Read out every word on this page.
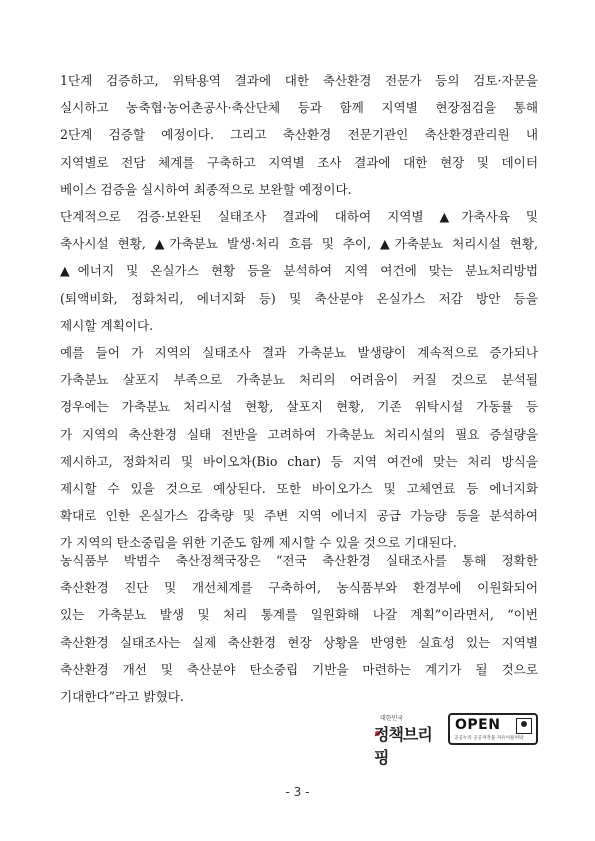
1단계 검증하고, 위탁용역 결과에 대한 축산환경 전문가 등의 검토·자문을
실시하고 농축협·농어촌공사·축산단체 등과 함께 지역별 현장점검을 통해
2단계 검증할 예정이다. 그리고 축산환경 전문기관인 축산환경관리원 내
지역별로 전담 체계를 구축하고 지역별 조사 결과에 대한 현장 및 데이터
베이스 검증을 실시하여 최종적으로 보완할 예정이다.
단계적으로 검증·보완된 실태조사 결과에 대하여 지역별 ▲가축사육 및
축사시설 현황, ▲가축분뇨 발생·처리 흐름 및 추이, ▲가축분뇨 처리시설 현황,
▲에너지 및 온실가스 현황 등을 분석하여 지역 여건에 맞는 분뇨처리방법
(퇴액비화, 정화처리, 에너지화 등) 및 축산분야 온실가스 저감 방안 등을
제시할 계획이다.
예를 들어 가 지역의 실태조사 결과 가축분뇨 발생량이 계속적으로 증가되나
가축분뇨 살포지 부족으로 가축분뇨 처리의 어려움이 커질 것으로 분석될
경우에는 가축분뇨 처리시설 현황, 살포지 현황, 기존 위탁시설 가동률 등
가 지역의 축산환경 실태 전반을 고려하여 가축분뇨 처리시설의 필요 증설량을
제시하고, 정화처리 및 바이오차(Bio char) 등 지역 여건에 맞는 처리 방식을
제시할 수 있을 것으로 예상된다. 또한 바이오가스 및 고체연료 등 에너지화
확대로 인한 온실가스 감축량 및 주변 지역 에너지 공급 가능량 등을 분석하여
가 지역의 탄소중립을 위한 기준도 함께 제시할 수 있을 것으로 기대된다.
농식품부 박범수 축산정책국장은 “전국 축산환경 실태조사를 통해 정확한
축산환경 진단 및 개선체계를 구축하여, 농식품부와 환경부에 이원화되어
있는 가축분뇨 발생 및 처리 통계를 일원화해 나갈 계획”이라면서, “이번
축산환경 실태조사는 실제 축산환경 현장 상황을 반영한 실효성 있는 지역별
축산환경 개선 및 축산분야 탄소중립 기반을 마련하는 계기가 될 것으로
기대한다”라고 밝혔다.
대한민국
정책브리핑
OPEN
공공누리 공공저작물 자유이용허락
- 3 -
